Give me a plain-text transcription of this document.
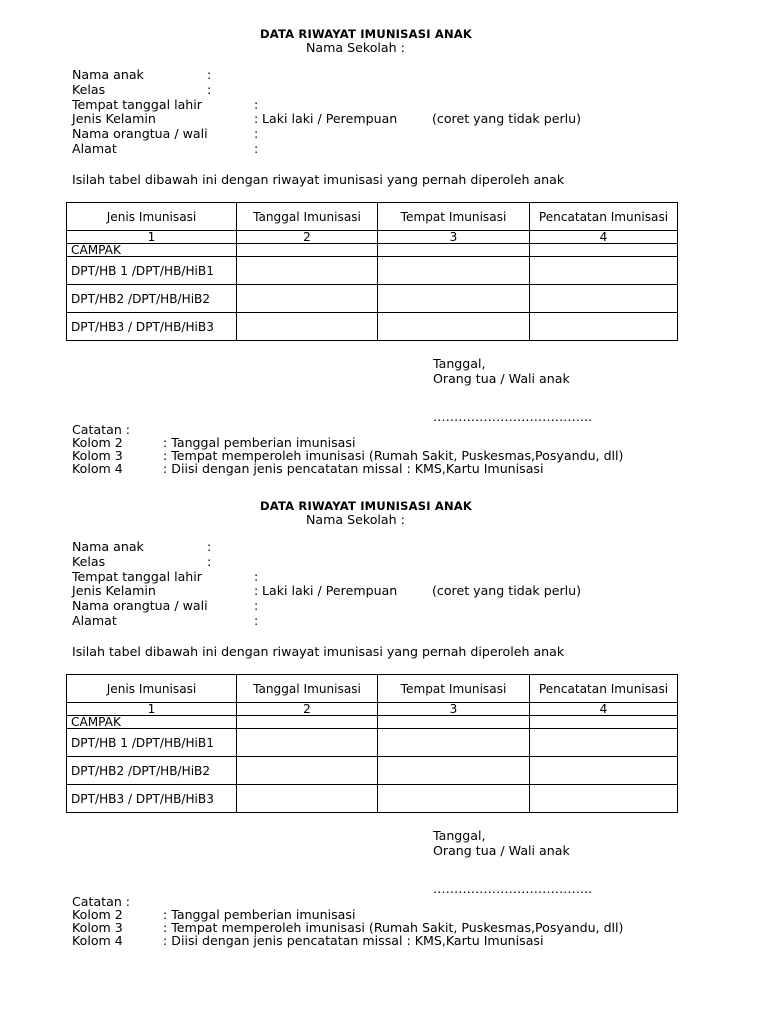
DATA RIWAYAT IMUNISASI ANAK
Nama Sekolah :
Nama anak	:
Kelas	:
Tempat tanggal lahir	:
Jenis Kelamin	: Laki laki / Perempuan	(coret yang tidak perlu)
Nama orangtua / wali	:
Alamat	:
Isilah tabel dibawah ini dengan riwayat imunisasi yang pernah diperoleh anak
Jenis Imunisasi	Tanggal Imunisasi	Tempat Imunisasi	Pencatatan Imunisasi
1	2	3	4
CAMPAK			
DPT/HB 1 /DPT/HB/HiB1			
DPT/HB2 /DPT/HB/HiB2			
DPT/HB3 / DPT/HB/HiB3			
Tanggal,
Orang tua / Wali anak
………………………………..
Catatan :
Kolom 2	: Tanggal pemberian imunisasi
Kolom 3	: Tempat memperoleh imunisasi (Rumah Sakit, Puskesmas,Posyandu, dll)
Kolom 4	: Diisi dengan jenis pencatatan missal : KMS,Kartu Imunisasi
DATA RIWAYAT IMUNISASI ANAK
Nama Sekolah :
Nama anak	:
Kelas	:
Tempat tanggal lahir	:
Jenis Kelamin	: Laki laki / Perempuan	(coret yang tidak perlu)
Nama orangtua / wali	:
Alamat	:
Isilah tabel dibawah ini dengan riwayat imunisasi yang pernah diperoleh anak
Jenis Imunisasi	Tanggal Imunisasi	Tempat Imunisasi	Pencatatan Imunisasi
1	2	3	4
CAMPAK			
DPT/HB 1 /DPT/HB/HiB1			
DPT/HB2 /DPT/HB/HiB2			
DPT/HB3 / DPT/HB/HiB3			
Tanggal,
Orang tua / Wali anak
………………………………..
Catatan :
Kolom 2	: Tanggal pemberian imunisasi
Kolom 3	: Tempat memperoleh imunisasi (Rumah Sakit, Puskesmas,Posyandu, dll)
Kolom 4	: Diisi dengan jenis pencatatan missal : KMS,Kartu Imunisasi
